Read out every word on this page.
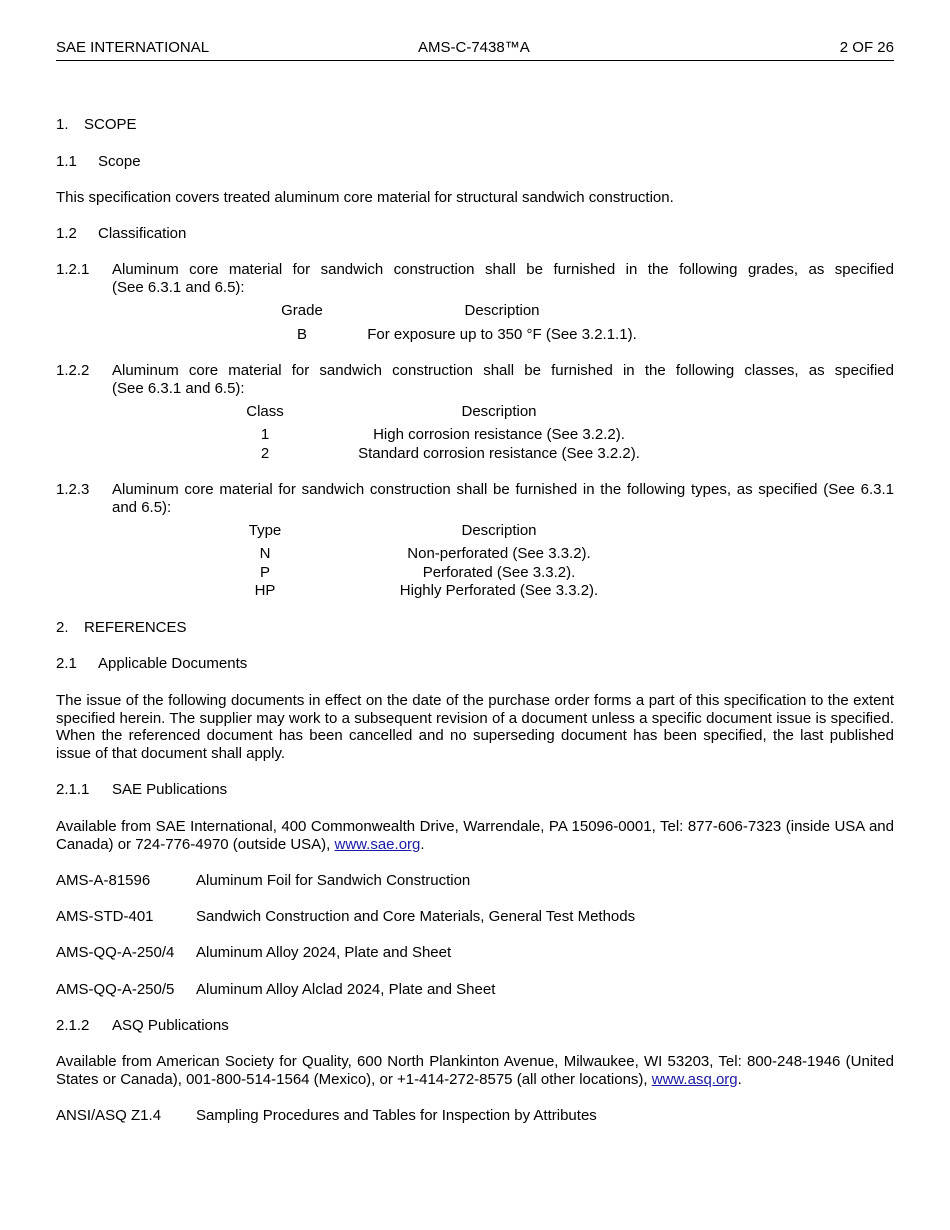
SAE INTERNATIONAL	AMS-C-7438™A	2 OF 26
1. SCOPE
1.1 Scope
This specification covers treated aluminum core material for structural sandwich construction.
1.2 Classification
1.2.1 Aluminum core material for sandwich construction shall be furnished in the following grades, as specified
(See 6.3.1 and 6.5):
Grade	Description
B	For exposure up to 350 °F (See 3.2.1.1).
1.2.2 Aluminum core material for sandwich construction shall be furnished in the following classes, as specified
(See 6.3.1 and 6.5):
Class	Description
1	High corrosion resistance (See 3.2.2).
2	Standard corrosion resistance (See 3.2.2).
1.2.3 Aluminum core material for sandwich construction shall be furnished in the following types, as specified (See 6.3.1
and 6.5):
Type	Description
N	Non-perforated (See 3.3.2).
P	Perforated (See 3.3.2).
HP	Highly Perforated (See 3.3.2).
2. REFERENCES
2.1 Applicable Documents
The issue of the following documents in effect on the date of the purchase order forms a part of this specification to the extent specified herein. The supplier may work to a subsequent revision of a document unless a specific document issue is specified. When the referenced document has been cancelled and no superseding document has been specified, the last published issue of that document shall apply.
2.1.1 SAE Publications
Available from SAE International, 400 Commonwealth Drive, Warrendale, PA 15096-0001, Tel: 877-606-7323 (inside USA and Canada) or 724-776-4970 (outside USA), www.sae.org.
AMS-A-81596	Aluminum Foil for Sandwich Construction
AMS-STD-401	Sandwich Construction and Core Materials, General Test Methods
AMS-QQ-A-250/4 Aluminum Alloy 2024, Plate and Sheet
AMS-QQ-A-250/5 Aluminum Alloy Alclad 2024, Plate and Sheet
2.1.2 ASQ Publications
Available from American Society for Quality, 600 North Plankinton Avenue, Milwaukee, WI 53203, Tel: 800-248-1946 (United States or Canada), 001-800-514-1564 (Mexico), or +1-414-272-8575 (all other locations), www.asq.org.
ANSI/ASQ Z1.4 Sampling Procedures and Tables for Inspection by Attributes
